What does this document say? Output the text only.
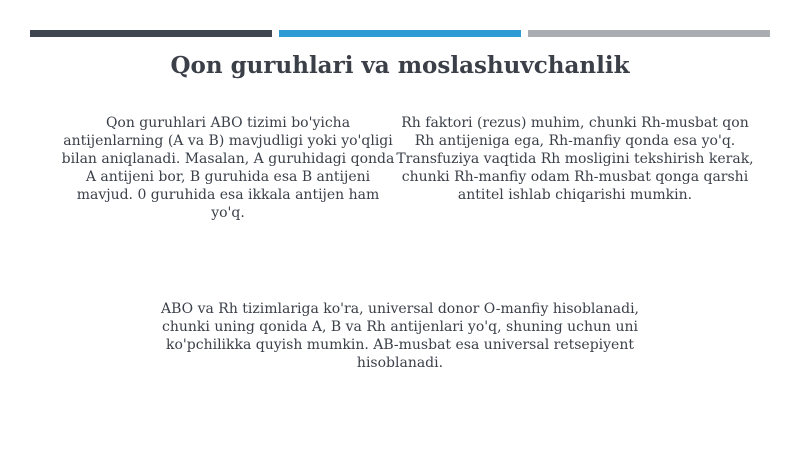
Qon guruhlari va moslashuvchanlik
Qon guruhlari ABO tizimi bo'yicha antijenlarning (A va B) mavjudligi yoki yo'qligi bilan aniqlanadi. Masalan, A guruhidagi qonda A antijeni bor, B guruhida esa B antijeni mavjud. 0 guruhida esa ikkala antijen ham yo'q.
Rh faktori (rezus) muhim, chunki Rh-musbat qon Rh antijeniga ega, Rh-manfiy qonda esa yo'q. Transfuziya vaqtida Rh mosligini tekshirish kerak, chunki Rh-manfiy odam Rh-musbat qonga qarshi antitel ishlab chiqarishi mumkin.
ABO va Rh tizimlariga ko'ra, universal donor O-manfiy hisoblanadi, chunki uning qonida A, B va Rh antijenlari yo'q, shuning uchun uni ko'pchilikka quyish mumkin. AB-musbat esa universal retsepiyent hisoblanadi.
